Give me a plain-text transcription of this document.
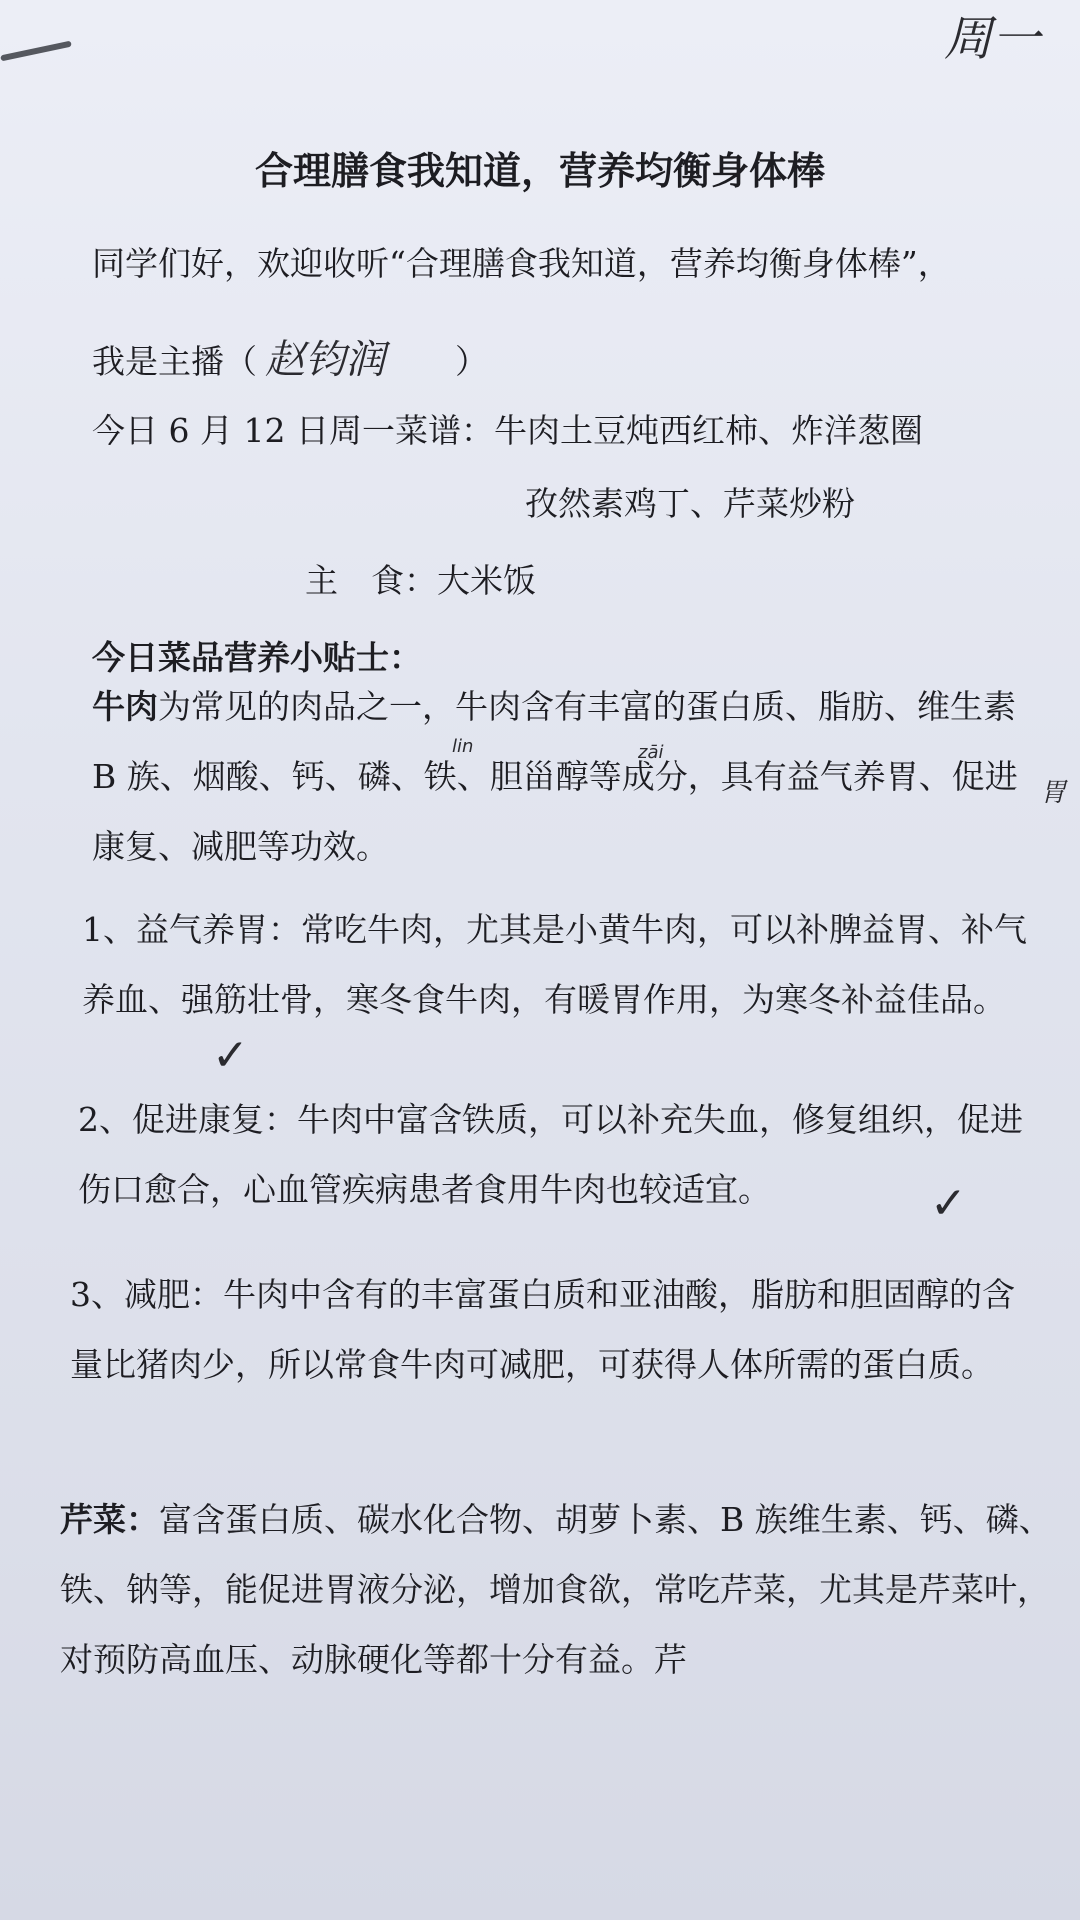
周一
合理膳食我知道，营养均衡身体棒
同学们好，欢迎收听“合理膳食我知道，营养均衡身体棒”，
我是主播（ 赵钧润 ）
今日 6 月 12 日周一菜谱：牛肉土豆炖西红柿、炸洋葱圈
孜然素鸡丁、芹菜炒粉
主　食：大米饭
今日菜品营养小贴士：
lin	zāi
牛肉为常见的肉品之一，牛肉含有丰富的蛋白质、脂肪、维生素 B 族、烟酸、钙、磷、铁、胆甾醇等成分，具有益气养胃、促进康复、减肥等功效。
胃
1、益气养胃：常吃牛肉，尤其是小黄牛肉，可以补脾益胃、补气养血、强筋壮骨，寒冬食牛肉，有暖胃作用，为寒冬补益佳品。
✓
2、促进康复：牛肉中富含铁质，可以补充失血，修复组织，促进伤口愈合，心血管疾病患者食用牛肉也较适宜。	✓
3、减肥：牛肉中含有的丰富蛋白质和亚油酸，脂肪和胆固醇的含量比猪肉少，所以常食牛肉可减肥，可获得人体所需的蛋白质。
芹菜：富含蛋白质、碳水化合物、胡萝卜素、B 族维生素、钙、磷、铁、钠等，能促进胃液分泌，增加食欲，常吃芹菜，尤其是芹菜叶，对预防高血压、动脉硬化等都十分有益。芹
